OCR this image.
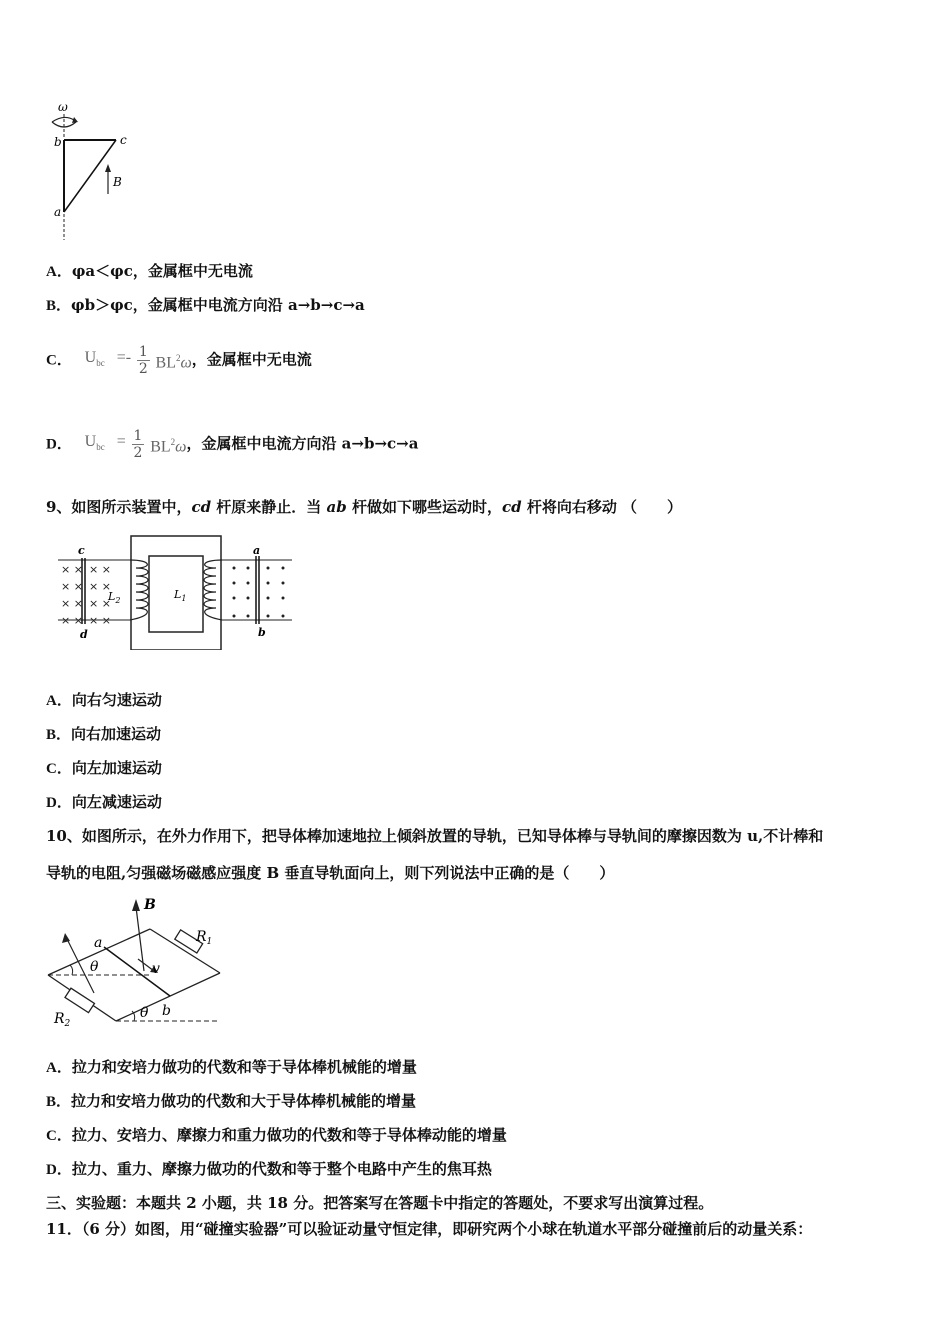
ω
b	c
a
B
A．φa＜φc，金属框中无电流
B．φb＞φc，金属框中电流方向沿 a→b→c→a
C． $U_{bc} =- \frac{1}{2} BL^2\omega$，金属框中无电流
D． $U_{bc} = \frac{1}{2} BL^2\omega$，金属框中电流方向沿 a→b→c→a
9、如图所示装置中，cd 杆原来静止．当 ab 杆做如下哪些运动时，cd 杆将向右移动 （　　）
× × × ×
× × × ×
× × × ×
× × × ×
c
d
$L_2$	$L_1$
a
b
A．向右匀速运动
B．向右加速运动
C．向左加速运动
D．向左减速运动
10、如图所示，在外力作用下，把导体棒加速地拉上倾斜放置的导轨，已知导体棒与导轨间的摩擦因数为 u,不计棒和
导轨的电阻,匀强磁场磁感应强度 B 垂直导轨面向上，则下列说法中正确的是（　　）
$R_1$
$R_2$
a
b
B
v
θ
θ
A．拉力和安培力做功的代数和等于导体棒机械能的增量
B．拉力和安培力做功的代数和大于导体棒机械能的增量
C．拉力、安培力、摩擦力和重力做功的代数和等于导体棒动能的增量
D．拉力、重力、摩擦力做功的代数和等于整个电路中产生的焦耳热
三、实验题：本题共 2 小题，共 18 分。把答案写在答题卡中指定的答题处，不要求写出演算过程。
11．（6 分）如图，用“碰撞实验器”可以验证动量守恒定律，即研究两个小球在轨道水平部分碰撞前后的动量关系：
